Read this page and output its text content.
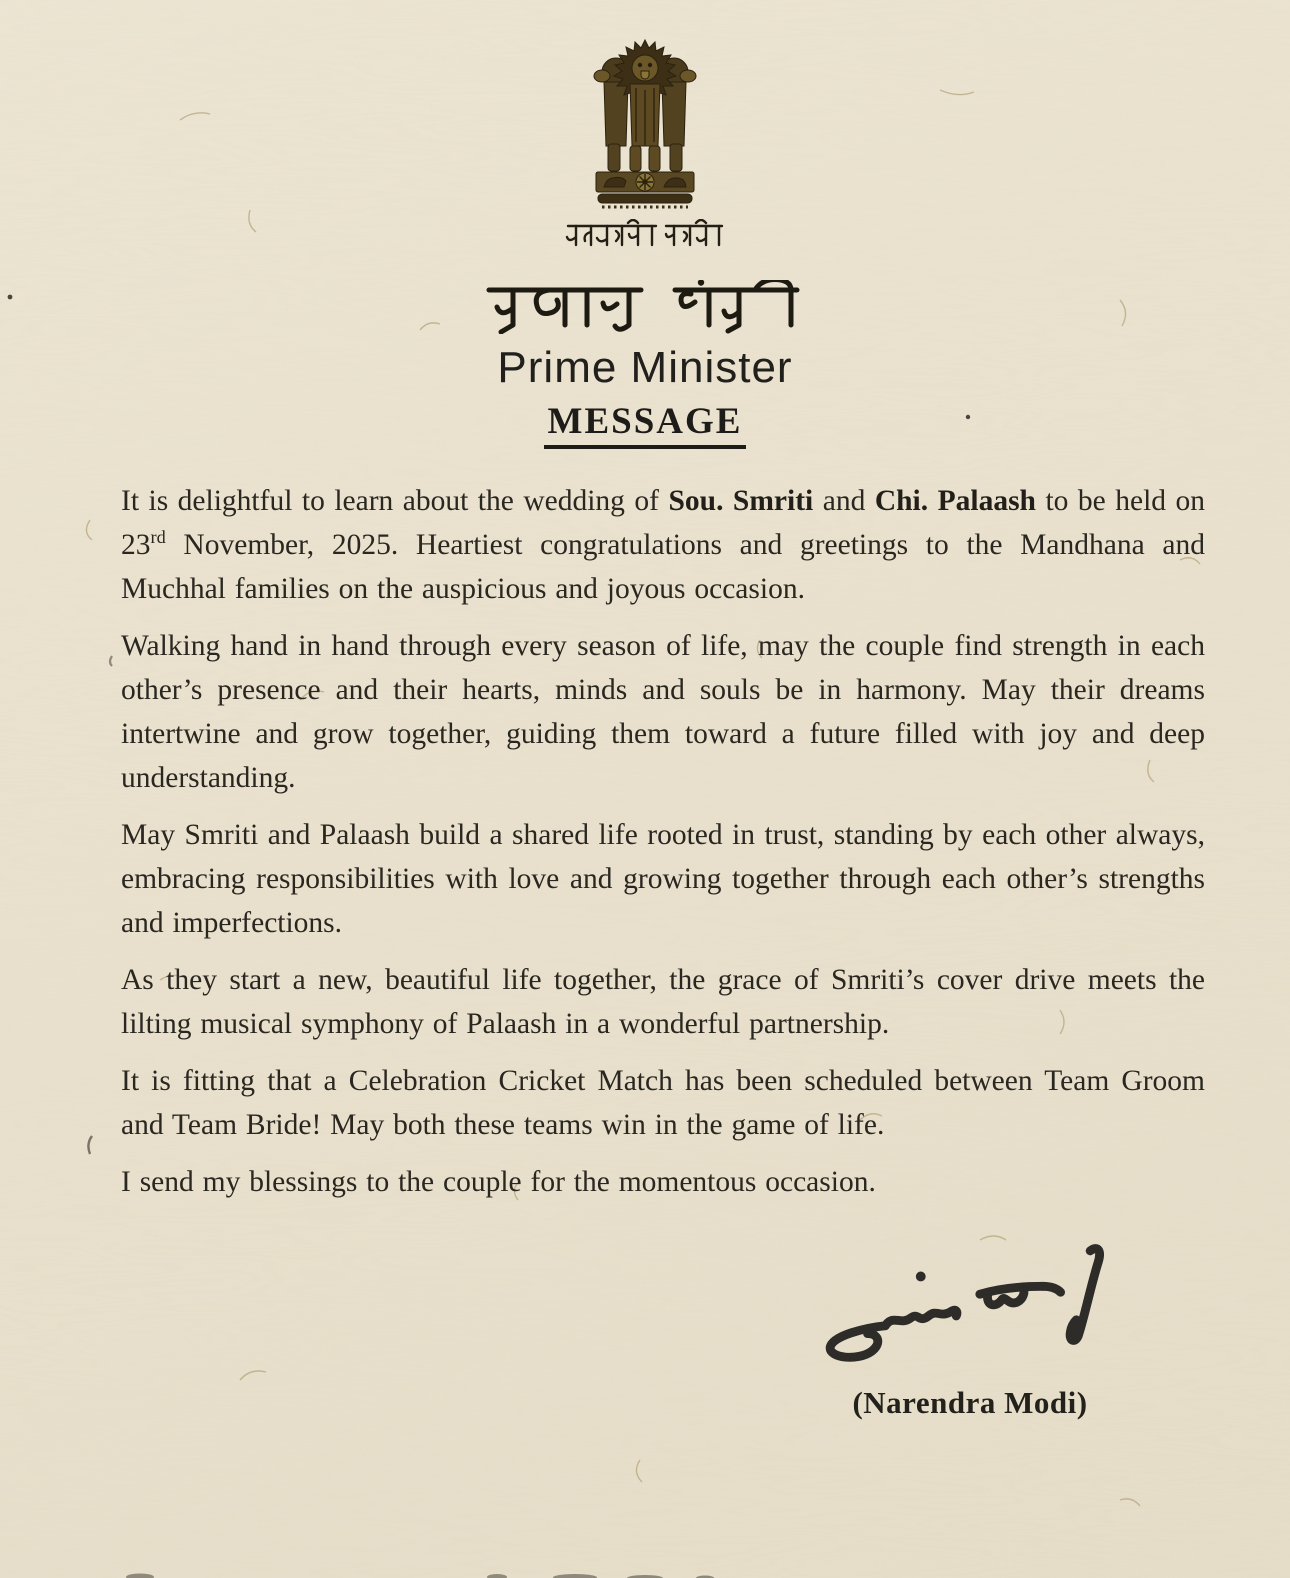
Prime Minister
MESSAGE

It is delightful to learn about the wedding of Sou. Smriti and Chi. Palaash to be held on 23rd November, 2025. Heartiest congratulations and greetings to the Mandhana and Muchhal families on the auspicious and joyous occasion.

Walking hand in hand through every season of life, may the couple find strength in each other’s presence and their hearts, minds and souls be in harmony. May their dreams intertwine and grow together, guiding them toward a future filled with joy and deep understanding.

May Smriti and Palaash build a shared life rooted in trust, standing by each other always, embracing responsibilities with love and growing together through each other’s strengths and imperfections.

As they start a new, beautiful life together, the grace of Smriti’s cover drive meets the lilting musical symphony of Palaash in a wonderful partnership.

It is fitting that a Celebration Cricket Match has been scheduled between Team Groom and Team Bride! May both these teams win in the game of life.

I send my blessings to the couple for the momentous occasion.

(Narendra Modi)
